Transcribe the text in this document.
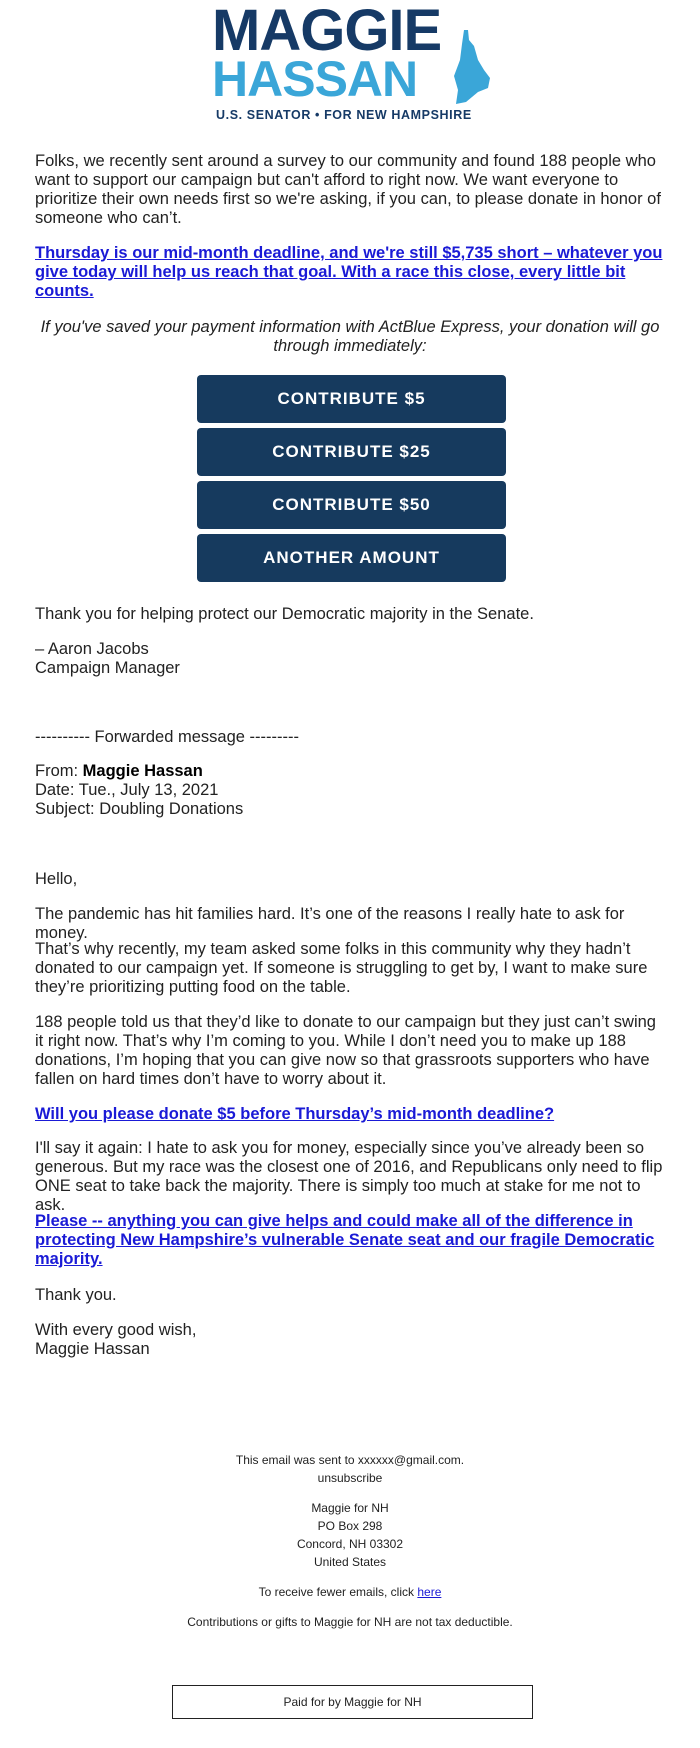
MAGGIE
HASSAN
U.S. SENATOR • FOR NEW HAMPSHIRE

Folks, we recently sent around a survey to our community and found 188 people who want to support our campaign but can't afford to right now. We want everyone to prioritize their own needs first so we're asking, if you can, to please donate in honor of someone who can’t.

Thursday is our mid-month deadline, and we're still $5,735 short – whatever you give today will help us reach that goal. With a race this close, every little bit counts.
If you've saved your payment information with ActBlue Express, your donation will go through immediately:
CONTRIBUTE $5
CONTRIBUTE $25
CONTRIBUTE $50
ANOTHER AMOUNT
Thank you for helping protect our Democratic majority in the Senate.
– Aaron Jacobs
Campaign Manager
---------- Forwarded message ---------
From: Maggie Hassan
Date: Tue., July 13, 2021
Subject: Doubling Donations
Hello,
The pandemic has hit families hard. It’s one of the reasons I really hate to ask for money.
That’s why recently, my team asked some folks in this community why they hadn’t donated to our campaign yet. If someone is struggling to get by, I want to make sure they’re prioritizing putting food on the table.
188 people told us that they’d like to donate to our campaign but they just can’t swing it right now. That’s why I’m coming to you. While I don’t need you to make up 188 donations, I’m hoping that you can give now so that grassroots supporters who have fallen on hard times don’t have to worry about it.
Will you please donate $5 before Thursday’s mid-month deadline?
I'll say it again: I hate to ask you for money, especially since you’ve already been so generous. But my race was the closest one of 2016, and Republicans only need to flip ONE seat to take back the majority. There is simply too much at stake for me not to ask.
Please -- anything you can give helps and could make all of the difference in protecting New Hampshire’s vulnerable Senate seat and our fragile Democratic majority.
Thank you.
With every good wish,
Maggie Hassan
This email was sent to xxxxxx@gmail.com.
unsubscribe
Maggie for NH
PO Box 298
Concord, NH 03302
United States
To receive fewer emails, click here
Contributions or gifts to Maggie for NH are not tax deductible.
Paid for by Maggie for NH
